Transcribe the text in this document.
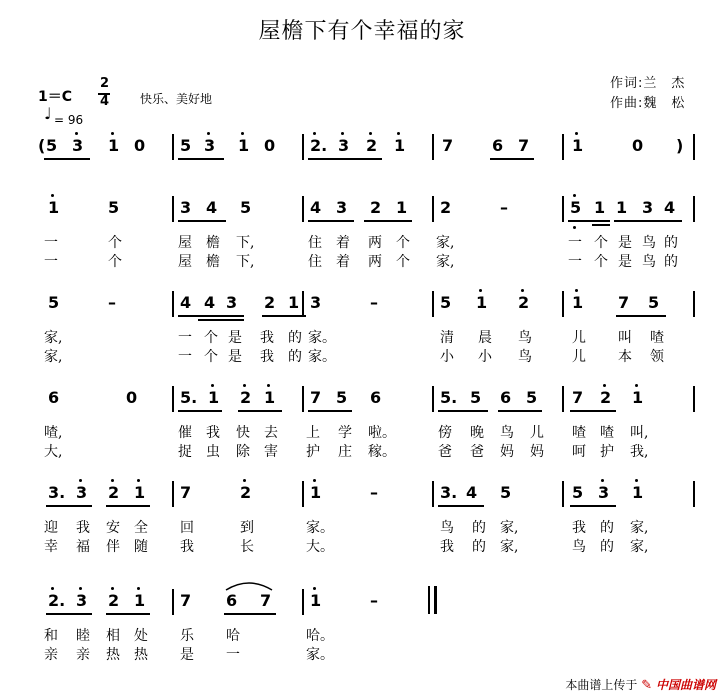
屋檐下有个幸福的家
1＝C
2
4	快乐、美好地
♩ = 96
作词:兰　杰
作曲:魏　松
( 5 3 1 0 5 3 1 0 2. 3 2 1 7 6 7	1	0 )
1	5	3 4 5	4 3 2 1 2	–	5 1 1 3 4
一	个	屋 檐 下,	住 着 两 个 家,	一 个 是 鸟 的
一	个	屋 檐 下,	住 着 两 个 家,	一 个 是 鸟 的
5	–	4 4 3 2 1 3	–	5 1 2	1 7 5
家,	一 个 是 我 的 家。	清 晨 鸟	儿 叫 喳
家,	一 个 是 我 的 家。	小 小 鸟	儿 本 领
6	0	5. 1 2 1 7 5 6	5. 5 6 5 7 2 1
喳,	催 我 快 去 上 学 啦。	傍 晚 鸟 儿 喳 喳 叫,
大,	捉 虫 除 害 护 庄 稼。	爸 爸 妈 妈 呵 护 我,
3. 3 2 1 7	2	1	–	3. 4 5	5 3 1
迎 我 安 全 回	到	家。	鸟 的 家,	我 的 家,
幸 福 伴 随 我	长	大。	我 的 家,	鸟 的 家,
2. 3 2 1 7 6 7 1	–
和 睦 相 处 乐 哈	哈。
亲 亲 热 热 是 一	家。
本曲谱上传于 ✎ 中国曲谱网
